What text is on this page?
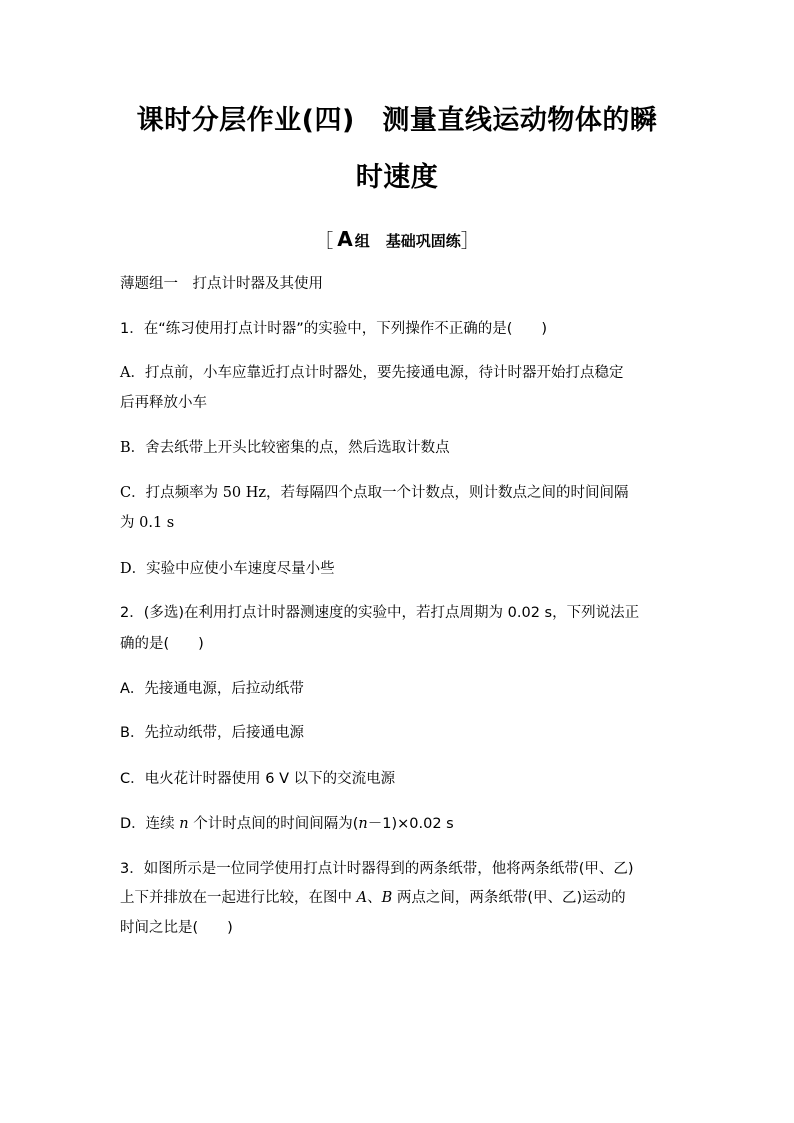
课时分层作业(四)　测量直线运动物体的瞬
时速度
［ A 组 基础巩固练］
薄题组一　打点计时器及其使用
1．在“练习使用打点计时器”的实验中，下列操作不正确的是(　　)
A．打点前，小车应靠近打点计时器处，要先接通电源，待计时器开始打点稳定
后再释放小车
B．舍去纸带上开头比较密集的点，然后选取计数点
C．打点频率为 50 Hz，若每隔四个点取一个计数点，则计数点之间的时间间隔
为 0.1 s
D．实验中应使小车速度尽量小些
2．(多选)在利用打点计时器测速度的实验中，若打点周期为 0.02 s，下列说法正
确的是(　　)
A．先接通电源，后拉动纸带
B．先拉动纸带，后接通电源
C．电火花计时器使用 6 V 以下的交流电源
D．连续 n 个计时点间的时间间隔为(n－1)×0.02 s
3．如图所示是一位同学使用打点计时器得到的两条纸带，他将两条纸带(甲、乙)
上下并排放在一起进行比较，在图中 A、B 两点之间，两条纸带(甲、乙)运动的
时间之比是(　　)
